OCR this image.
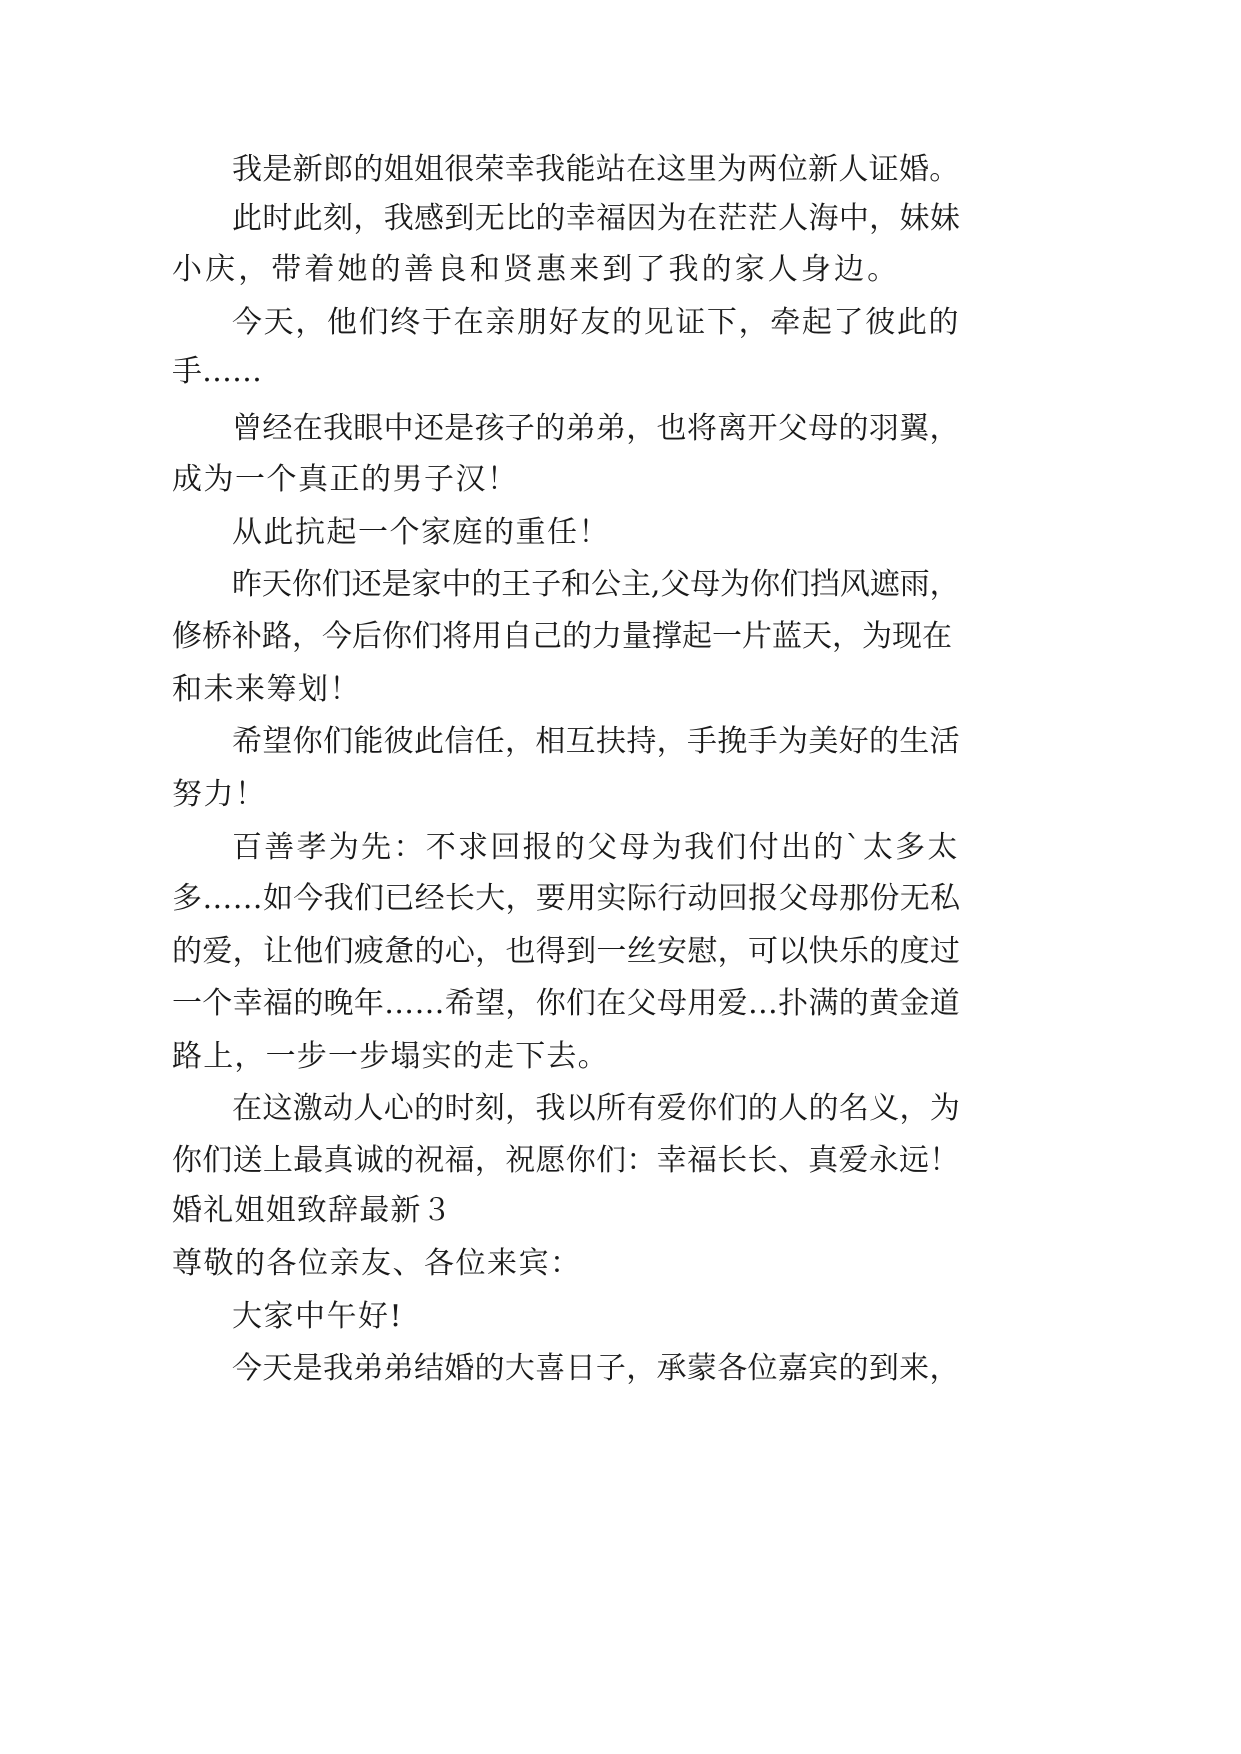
我是新郎的姐姐很荣幸我能站在这里为两位新人证婚。
此时此刻，我感到无比的幸福因为在茫茫人海中，妹妹
小庆，带着她的善良和贤惠来到了我的家人身边。
今天，他们终于在亲朋好友的见证下，牵起了彼此的
手……
曾经在我眼中还是孩子的弟弟，也将离开父母的羽翼，
成为一个真正的男子汉！
从此抗起一个家庭的重任！
昨天你们还是家中的王子和公主,父母为你们挡风遮雨，
修桥补路，今后你们将用自己的力量撑起一片蓝天，为现在
和未来筹划！
希望你们能彼此信任，相互扶持，手挽手为美好的生活
努力！
百善孝为先：不求回报的父母为我们付出的`太多太
多……如今我们已经长大，要用实际行动回报父母那份无私
的爱，让他们疲惫的心，也得到一丝安慰，可以快乐的度过
一个幸福的晚年……希望，你们在父母用爱…扑满的黄金道
路上，一步一步塌实的走下去。
在这激动人心的时刻，我以所有爱你们的人的名义，为
你们送上最真诚的祝福，祝愿你们：幸福长长、真爱永远！
婚礼姐姐致辞最新３
尊敬的各位亲友、各位来宾：
大家中午好!
今天是我弟弟结婚的大喜日子，承蒙各位嘉宾的到来，
